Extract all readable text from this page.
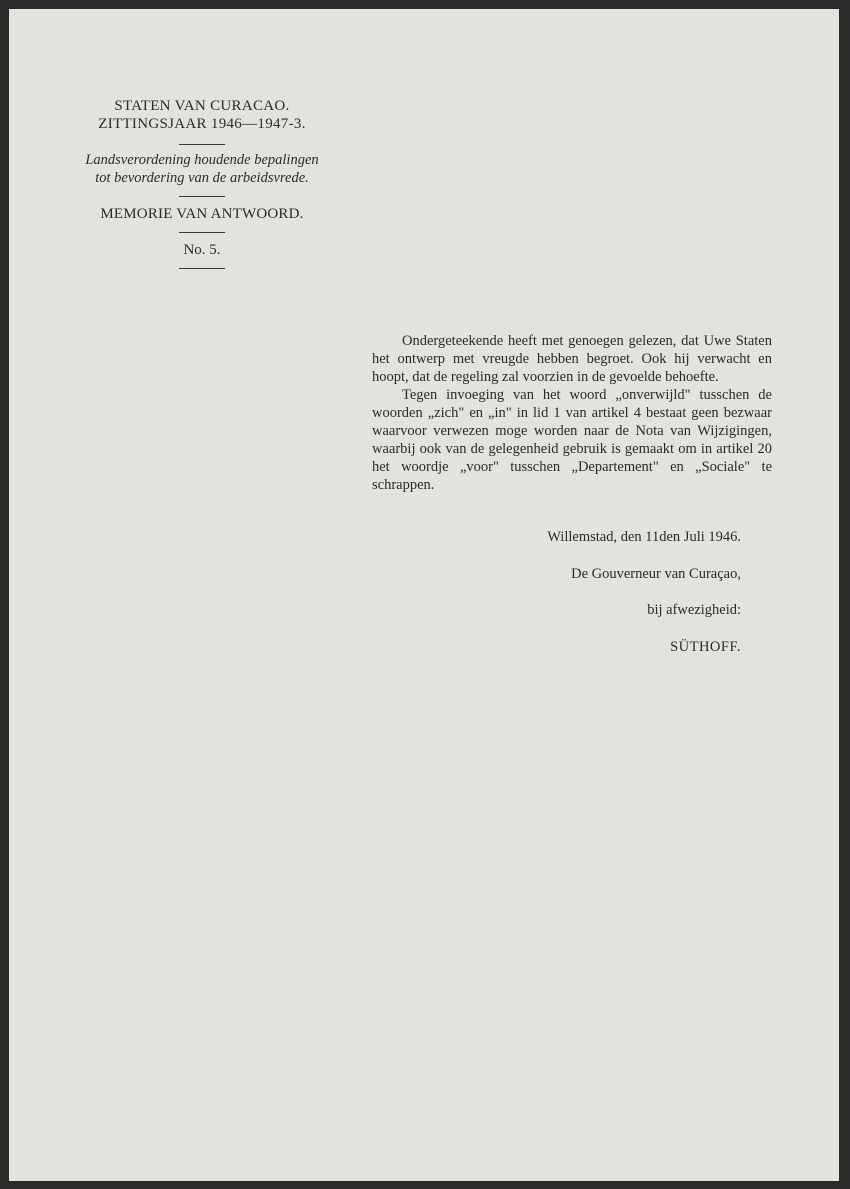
STATEN VAN CURACAO.
ZITTINGSJAAR 1946—1947-3.
Landsverordening houdende bepalingen
tot bevordering van de arbeidsvrede.
MEMORIE VAN ANTWOORD.
No. 5.

Ondergeteekende heeft met genoegen gelezen, dat Uwe Staten het ontwerp met vreugde hebben begroet. Ook hij verwacht en hoopt, dat de regeling zal voorzien in de gevoelde behoefte.

Tegen invoeging van het woord „onverwijld" tusschen de woorden „zich" en „in" in lid 1 van artikel 4 bestaat geen bezwaar waarvoor verwezen moge worden naar de Nota van Wijzigingen, waarbij ook van de gelegenheid gebruik is gemaakt om in artikel 20 het woordje „voor" tusschen „Departement" en „Sociale" te schrappen.

Willemstad, den 11den Juli 1946.
De Gouverneur van Curaçao,
bij afwezigheid:
SÜTHOFF.
